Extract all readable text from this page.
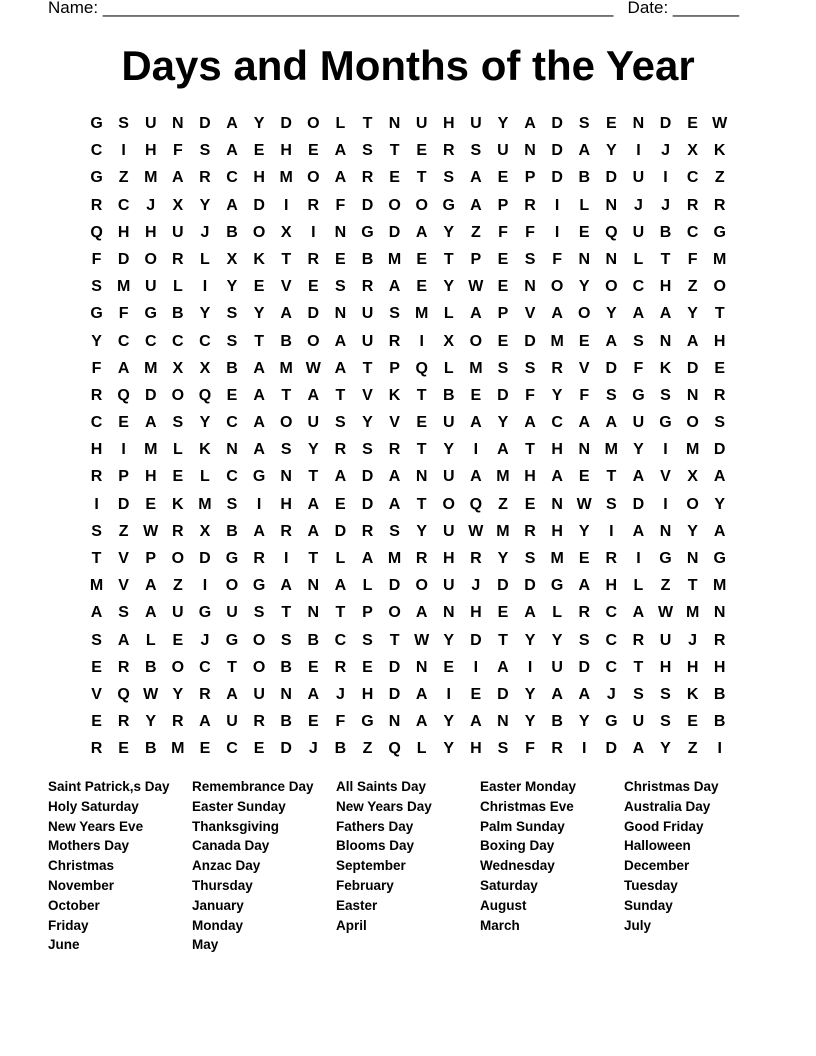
Name: ______________________________________________________ Date: _______
Days and Months of the Year
G S U N D A Y D O L	T	N U H U Y A D S	E N D E W
C	I	H	F	S A E H E A S	T	E R S U N D A Y	I	J	X K
G Z M A R C H M O A R E	T	S A E	P D B D U	I	C	Z
R C	J	X	Y A D	I	R	F	D O O G A P R	I	L	N	J	J	R R
Q H H U	J	B O X	I	N G D A Y	Z	F	F	I	E Q U B C G
F	D O R	L	X K	T	R E B M E	T	P	E	S	F	N N	L	T	F M
S M U	L	I	Y	E	V	E	S R A E	Y W E N O Y O C H	Z O
G F G B Y	S	Y A D N U S M L	A P	V A O Y A A Y	T
Y C C C C S	T	B O A U R	I	X O E D M E A S N A H
F	A M X	X B A M W A	T	P Q L M S	S R V D	F	K D E
R Q D O Q E A	T	A	T	V K	T	B E D	F	Y	F	S G S N R
C E A S	Y C A O U S	Y	V	E U A Y A C A A U G O S
H	I	M L	K N A S	Y R S R	T	Y	I	A	T	H N M Y	I	M D
R P H E	L	C G N	T	A D A N U A M H A E	T	A V	X A
I	D E K M S	I	H A E D A	T O Q Z	E N W S D	I	O Y
S	Z W R X B A R A D R S	Y U W M R H Y	I	A N Y A
T	V	P O D G R	I	T	L	A M R H R Y	S M E R	I	G N G
M V A	Z	I	O G A N A	L	D O U	J	D D G A H	L	Z	T M
A S A U G U S	T	N	T	P O A N H E A	L	R C A W M N
S A	L	E	J	G O S B C S	T W Y D	T	Y	Y	S C R U	J	R
E R B O C	T O B E R E D N E	I	A	I	U D C	T	H H H
V Q W Y R A U N A	J	H D A	I	E D Y A A	J	S	S K B
E R Y R A U R B E	F G N A Y A N Y B Y G U S	E B
R E B M E C E D	J	B	Z Q L	Y H S	F	R	I	D A Y	Z	I
Saint Patrick,s Day	Remembrance Day	All Saints Day	Easter Monday	Christmas Day
Holy Saturday	Easter Sunday	New Years Day	Christmas Eve	Australia Day
New Years Eve	Thanksgiving	Fathers Day	Palm Sunday	Good Friday
Mothers Day	Canada Day	Blooms Day	Boxing Day	Halloween
Christmas	Anzac Day	September	Wednesday	December
November	Thursday	February	Saturday	Tuesday
October	January	Easter	August	Sunday
Friday	Monday	April	March	July
June	May
